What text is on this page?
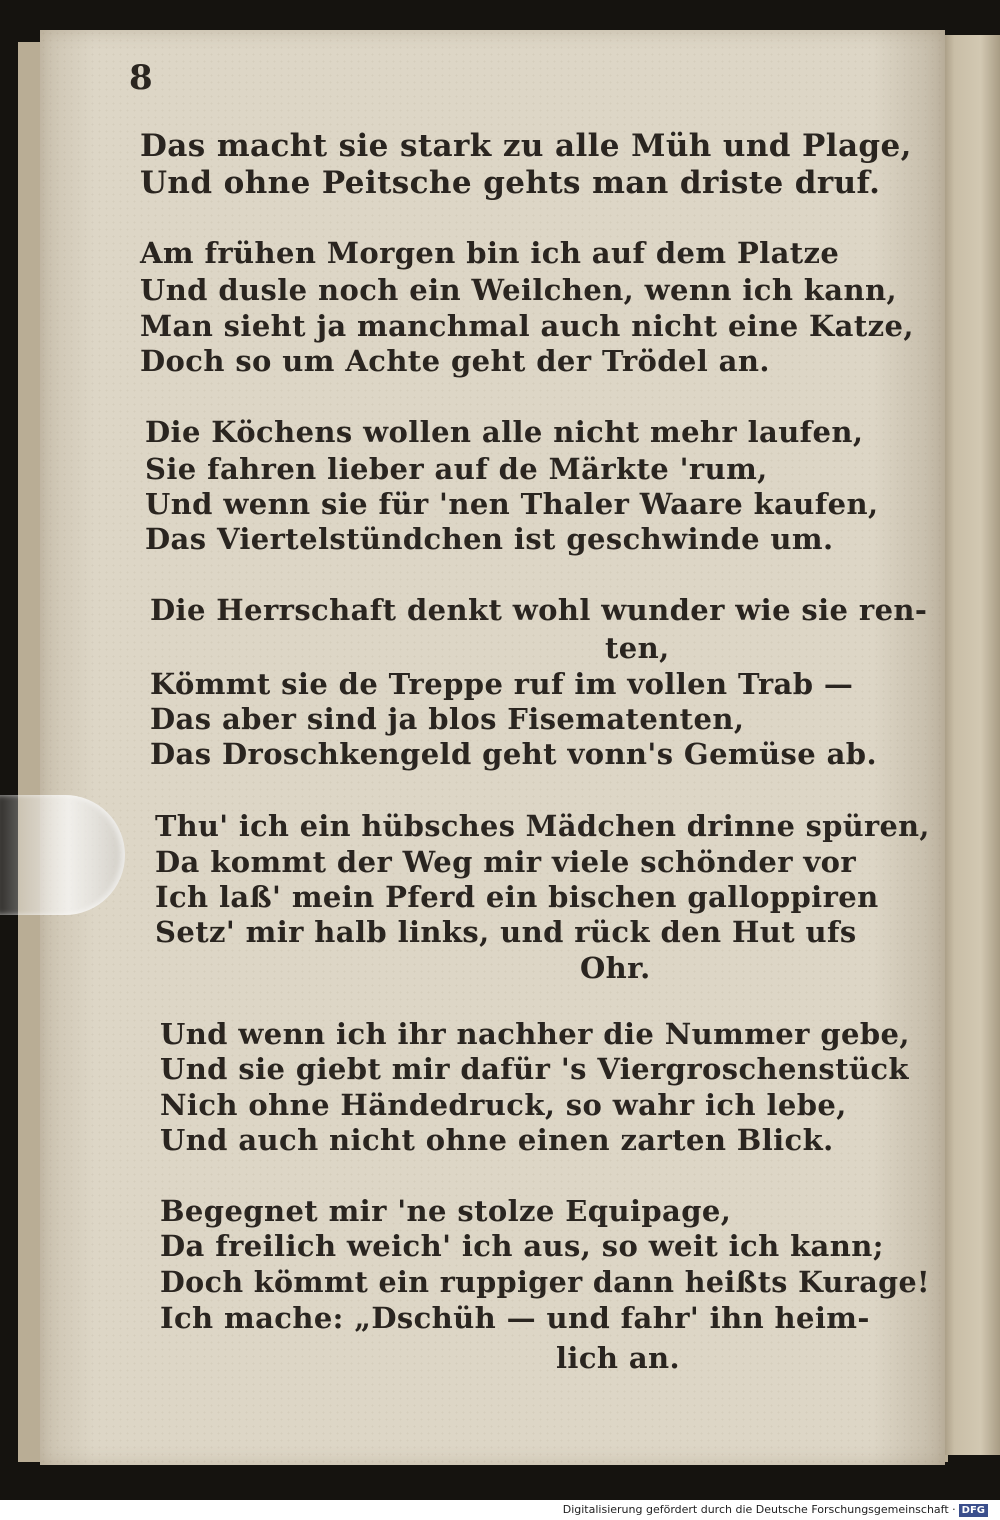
8
Das macht sie stark zu alle Müh und Plage,
Und ohne Peitsche gehts man driste druf.
Am frühen Morgen bin ich auf dem Platze
Und dusle noch ein Weilchen, wenn ich kann,
Man sieht ja manchmal auch nicht eine Katze,
Doch so um Achte geht der Trödel an.
Die Köchens wollen alle nicht mehr laufen,
Sie fahren lieber auf de Märkte 'rum,
Und wenn sie für 'nen Thaler Waare kaufen,
Das Viertelstündchen ist geschwinde um.
Die Herrschaft denkt wohl wunder wie sie ren-
ten,
Kömmt sie de Treppe ruf im vollen Trab —
Das aber sind ja blos Fisematenten,
Das Droschkengeld geht vonn's Gemüse ab.
Thu' ich ein hübsches Mädchen drinne spüren,
Da kommt der Weg mir viele schönder vor
Ich laß' mein Pferd ein bischen galloppiren
Setz' mir halb links, und rück den Hut ufs
Ohr.
Und wenn ich ihr nachher die Nummer gebe,
Und sie giebt mir dafür 's Viergroschenstück
Nich ohne Händedruck, so wahr ich lebe,
Und auch nicht ohne einen zarten Blick.
Begegnet mir 'ne stolze Equipage,
Da freilich weich' ich aus, so weit ich kann;
Doch kömmt ein ruppiger dann heißts Kurage!
Ich mache: „Dschüh — und fahr' ihn heim-
lich an.
Digitalisierung gefördert durch die Deutsche Forschungsgemeinschaft · DFG
